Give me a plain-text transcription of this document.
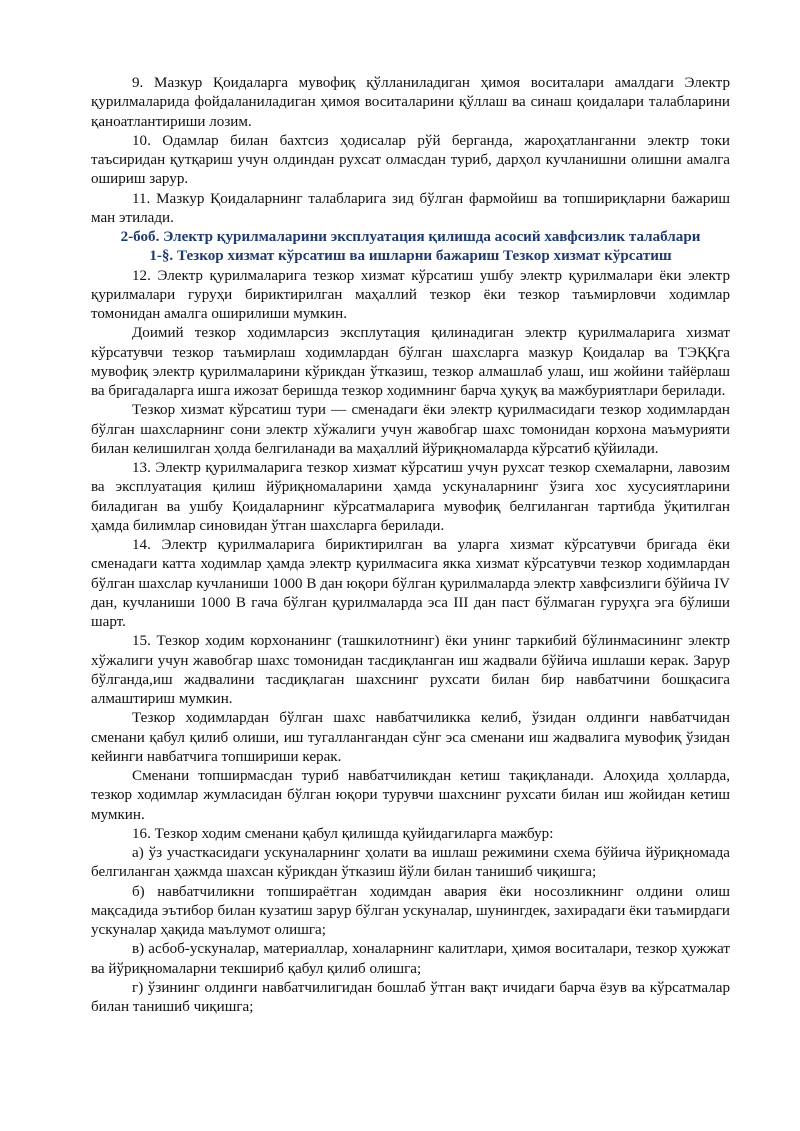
9. Мазкур Қоидаларга мувофиқ қўлланиладиган ҳимоя воситалари амалдаги Электр қурилмаларида фойдаланиладиган ҳимоя воситаларини қўллаш ва синаш қоидалари талабларини қаноатлантириши лозим.

10. Одамлар билан бахтсиз ҳодисалар рўй берганда, жароҳатланганни электр токи таъсиридан қутқариш учун олдиндан рухсат олмасдан туриб, дарҳол кучланишни олишни амалга ошириш зарур.

11. Мазкур Қоидаларнинг талабларига зид бўлган фармойиш ва топшириқларни бажариш ман этилади.

2-боб. Электр қурилмаларини эксплуатация қилишда асосий хавфсизлик талаблари

1-§. Тезкор хизмат кўрсатиш ва ишларни бажариш Тезкор хизмат кўрсатиш

12. Электр қурилмаларига тезкор хизмат кўрсатиш ушбу электр қурилмалари ёки электр қурилмалари гуруҳи бириктирилган маҳаллий тезкор ёки тезкор таъмирловчи ходимлар томонидан амалга оширилиши мумкин.

Доимий тезкор ходимларсиз эксплутация қилинадиган электр қурилмаларига хизмат кўрсатувчи тезкор таъмирлаш ходимлардан бўлган шахсларга мазкур Қоидалар ва ТЭҚҚга мувофиқ электр қурилмаларини кўрикдан ўтказиш, тезкор алмашлаб улаш, иш жойини тайёрлаш ва бригадаларга ишга ижозат беришда тезкор ходимнинг барча ҳуқуқ ва мажбуриятлари берилади.

Тезкор хизмат кўрсатиш тури — сменадаги ёки электр қурилмасидаги тезкор ходимлардан бўлган шахсларнинг сони электр хўжалиги учун жавобгар шахс томонидан корхона маъмурияти билан келишилган ҳолда белгиланади ва маҳаллий йўриқномаларда кўрсатиб қўйилади.

13. Электр қурилмаларига тезкор хизмат кўрсатиш учун рухсат тезкор схемаларни, лавозим ва эксплуатация қилиш йўриқномаларини ҳамда ускуналарнинг ўзига хос хусусиятларини биладиган ва ушбу Қоидаларнинг кўрсатмаларига мувофиқ белгиланган тартибда ўқитилган ҳамда билимлар синовидан ўтган шахсларга берилади.

14. Электр қурилмаларига бириктирилган ва уларга хизмат кўрсатувчи бригада ёки сменадаги катта ходимлар ҳамда электр қурилмасига якка хизмат кўрсатувчи тезкор ходимлардан бўлган шахслар кучланиши 1000 В дан юқори бўлган қурилмаларда электр хавфсизлиги бўйича IV дан, кучланиши 1000 В гача бўлган қурилмаларда эса III дан паст бўлмаган гуруҳга эга бўлиши шарт.

15. Тезкор ходим корхонанинг (ташкилотнинг) ёки унинг таркибий бўлинмасининг электр хўжалиги учун жавобгар шахс томонидан тасдиқланган иш жадвали бўйича ишлаши керак. Зарур бўлганда,иш жадвалини тасдиқлаган шахснинг рухсати билан бир навбатчини бошқасига алмаштириш мумкин.

Тезкор ходимлардан бўлган шахс навбатчиликка келиб, ўзидан олдинги навбатчидан сменани қабул қилиб олиши, иш тугаллангандан сўнг эса сменани иш жадвалига мувофиқ ўзидан кейинги навбатчига топшириши керак.

Сменани топширмасдан туриб навбатчиликдан кетиш тақиқланади. Алоҳида ҳолларда, тезкор ходимлар жумласидан бўлган юқори турувчи шахснинг рухсати билан иш жойидан кетиш мумкин.

16. Тезкор ходим сменани қабул қилишда қуйидагиларга мажбур:

а) ўз участкасидаги ускуналарнинг ҳолати ва ишлаш режимини схема бўйича йўриқномада белгиланган ҳажмда шахсан кўрикдан ўтказиш йўли билан танишиб чиқишга;

б) навбатчиликни топшираётган ходимдан авария ёки носозликнинг олдини олиш мақсадида эътибор билан кузатиш зарур бўлган ускуналар, шунингдек, захирадаги ёки таъмирдаги ускуналар ҳақида маълумот олишга;

в) асбоб-ускуналар, материаллар, хоналарнинг калитлари, ҳимоя воситалари, тезкор ҳужжат ва йўриқномаларни текшириб қабул қилиб олишга;

г) ўзининг олдинги навбатчилигидан бошлаб ўтган вақт ичидаги барча ёзув ва кўрсатмалар билан танишиб чиқишга;
